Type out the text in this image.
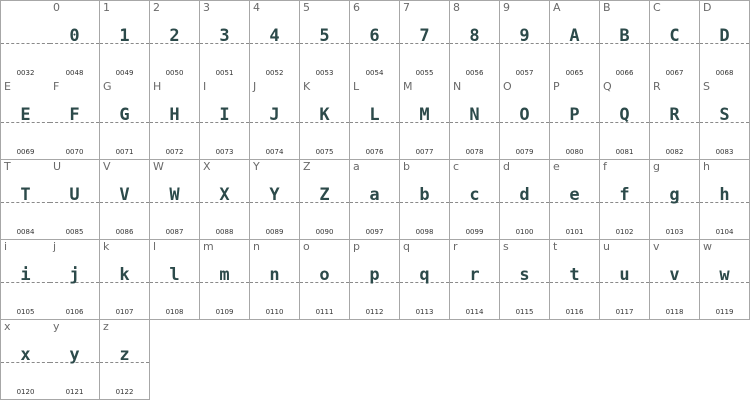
0032
0
0
0048
1
1
0049
2
2
0050
3
3
0051
4
4
0052
5
5
0053
6
6
0054
7
7
0055
8
8
0056
9
9
0057
A
A
0065
B
B
0066
C
C
0067
D
D
0068
E
E
0069
F
F
0070
G
G
0071
H
H
0072
I
I
0073
J
J
0074
K
K
0075
L
L
0076
M
M
0077
N
N
0078
O
O
0079
P
P
0080
Q
Q
0081
R
R
0082
S
S
0083
T
T
0084
U
U
0085
V
V
0086
W
W
0087
X
X
0088
Y
Y
0089
Z
Z
0090
a
a
0097
b
b
0098
c
c
0099
d
d
0100
e
e
0101
f
f
0102
g
g
0103
h
h
0104
i
i
0105
j
j
0106
k
k
0107
l
l
0108
m
m
0109
n
n
0110
o
o
0111
p
p
0112
q
q
0113
r
r
0114
s
s
0115
t
t
0116
u
u
0117
v
v
0118
w
w
0119
x
x
0120
y
y
0121
z
z
0122
